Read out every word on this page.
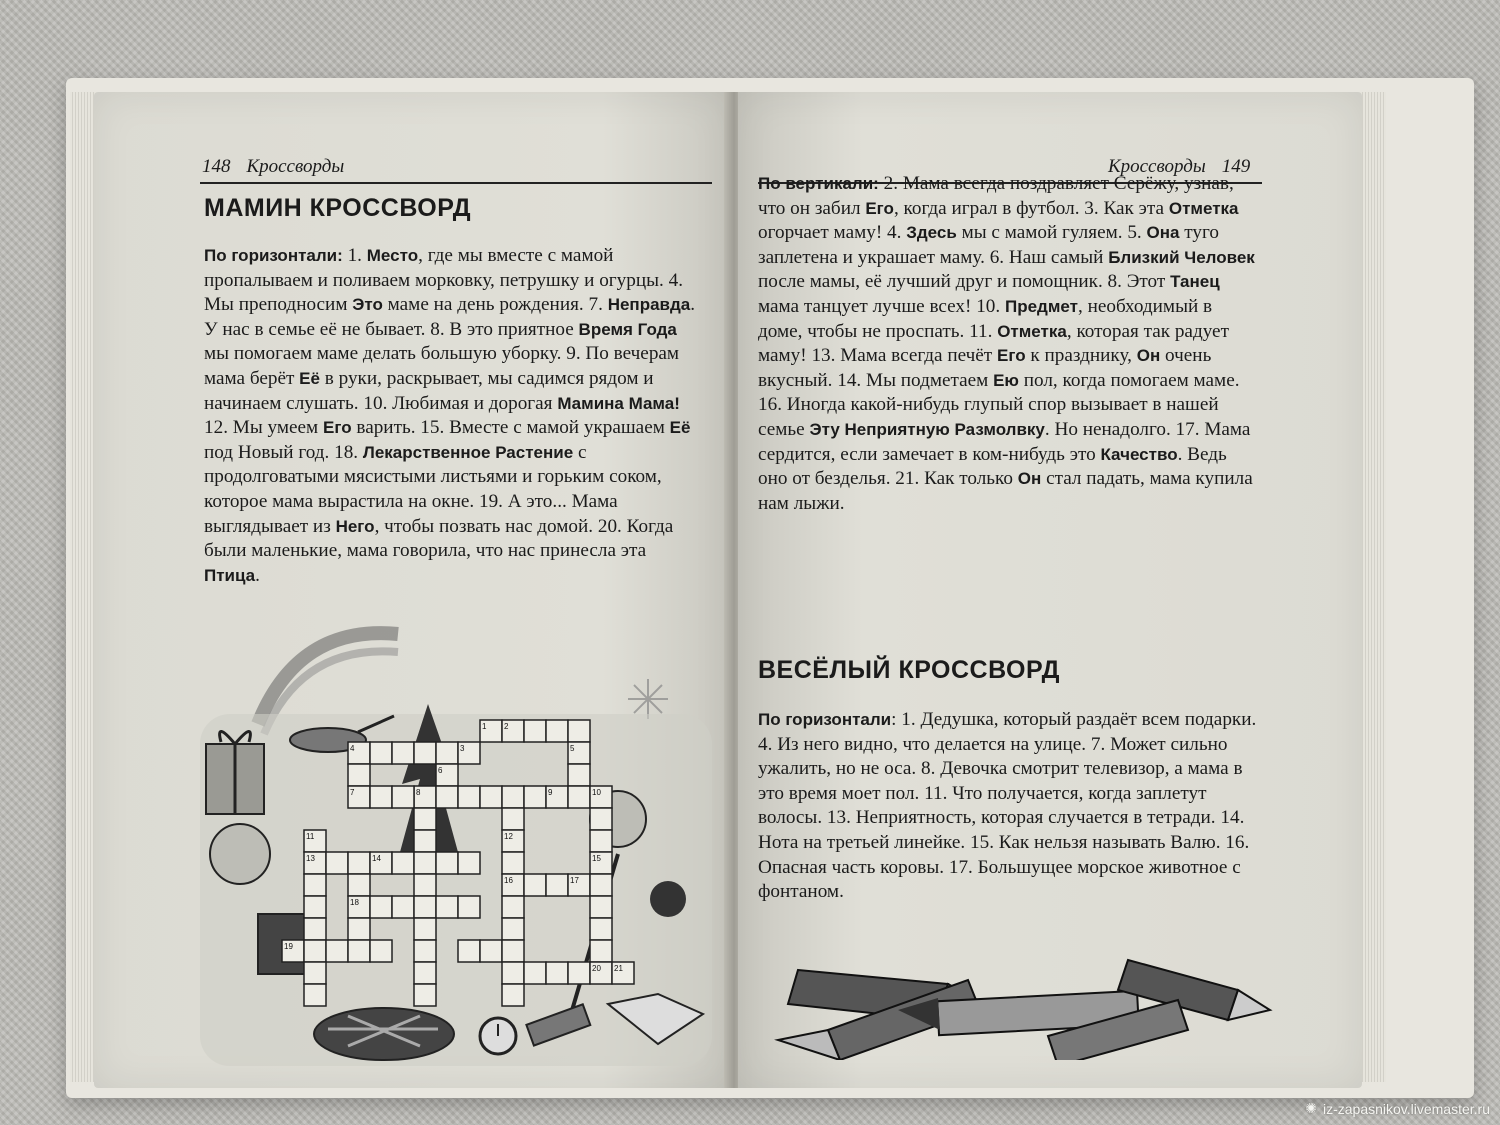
148 Кроссворды
МАМИН КРОССВОРД

По горизонтали: 1. Место, где мы вместе с мамой пропалываем и поливаем морковку, петрушку и огурцы. 4. Мы преподносим Это маме на день рождения. 7. Неправда. У нас в семье её не бывает. 8. В это приятное Время Года мы помогаем маме делать большую уборку. 9. По вечерам мама берёт Её в руки, раскрывает, мы садимся рядом и начинаем слушать. 10. Любимая и дорогая Мамина Мама! 12. Мы умеем Его варить. 15. Вместе с мамой украшаем Её под Новый год. 18. Лекарственное Растение с продолговатыми мясистыми листьями и горьким соком, которое мама вырастила на окне. 19. А это... Мама выглядывает из Него, чтобы позвать нас домой. 20. Когда были маленькие, мама говорила, что нас принесла эта Птица.

1 2
3
4	5
6
7	8	9	10
11	12
13	14	15
16	17
18
19
20 21
Кроссворды 149

По вертикали: 2. Мама всегда поздравляет Серёжу, узнав, что он забил Его, когда играл в футбол. 3. Как эта Отметка огорчает маму! 4. Здесь мы с мамой гуляем. 5. Она туго заплетена и украшает маму. 6. Наш самый Близкий Человек после мамы, её лучший друг и помощник. 8. Этот Танец мама танцует лучше всех! 10. Предмет, необходимый в доме, чтобы не проспать. 11. Отметка, которая так радует маму! 13. Мама всегда печёт Его к празднику, Он очень вкусный. 14. Мы подметаем Ею пол, когда помогаем маме. 16. Иногда какой-нибудь глупый спор вызывает в нашей семье Эту Неприятную Размолвку. Но ненадолго. 17. Мама сердится, если замечает в ком-нибудь это Качество. Ведь оно от безделья. 21. Как только Он стал падать, мама купила нам лыжи.

ВЕСЁЛЫЙ КРОССВОРД

По горизонтали: 1. Дедушка, который раздаёт всем подарки. 4. Из него видно, что делается на улице. 7. Может сильно ужалить, но не оса. 8. Девочка смотрит телевизор, а мама в это время моет пол. 11. Что получается, когда заплетут волосы. 13. Неприятность, которая случается в тетради. 14. Нота на третьей линейке. 15. Как нельзя называть Валю. 16. Опасная часть коровы. 17. Большущее морское животное с фонтаном.

✺ iz-zapasnikov.livemaster.ru
